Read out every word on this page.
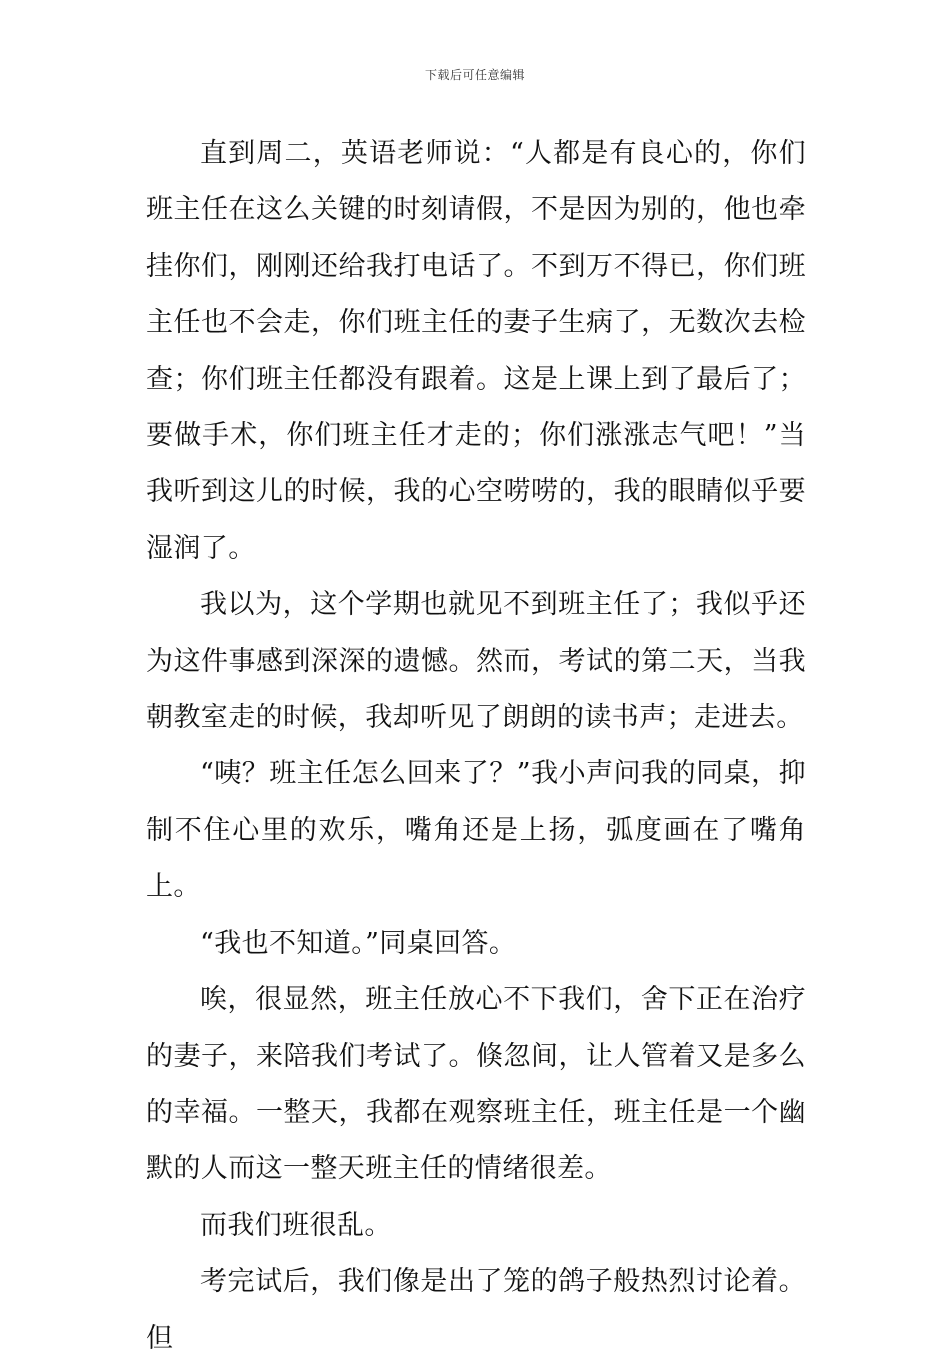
下载后可任意编辑

直到周二，英语老师说：“人都是有良心的，你们班主任在这么关键的时刻请假，不是因为别的，他也牵挂你们，刚刚还给我打电话了。不到万不得已，你们班主任也不会走，你们班主任的妻子生病了，无数次去检查；你们班主任都没有跟着。这是上课上到了最后了；要做手术，你们班主任才走的；你们涨涨志气吧！”当我听到这儿的时候，我的心空唠唠的，我的眼睛似乎要湿润了。

我以为，这个学期也就见不到班主任了；我似乎还为这件事感到深深的遗憾。然而，考试的第二天，当我朝教室走的时候，我却听见了朗朗的读书声；走进去。

“咦？班主任怎么回来了？”我小声问我的同桌，抑制不住心里的欢乐，嘴角还是上扬，弧度画在了嘴角上。

“我也不知道。”同桌回答。

唉，很显然，班主任放心不下我们，舍下正在治疗的妻子，来陪我们考试了。倏忽间，让人管着又是多么的幸福。一整天，我都在观察班主任，班主任是一个幽默的人而这一整天班主任的情绪很差。

而我们班很乱。

考完试后，我们像是出了笼的鸽子般热烈讨论着。但
